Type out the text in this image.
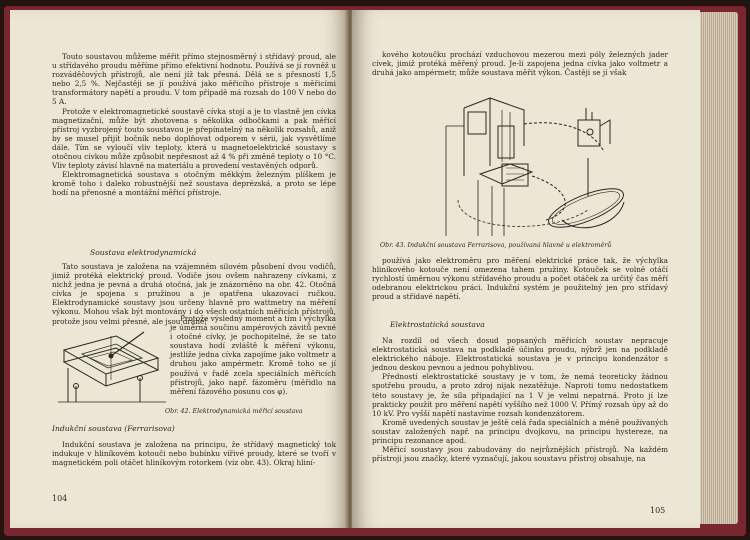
Touto soustavou můžeme měřit přímo stejnosměrný i střídavý proud, ale u střídavého proudu měříme přímo efektivní hodnotu. Používá se jí rovněž u rozváděčových přístrojů, ale není jíž tak přesná. Dělá se s přesností 1,5 nebo 2,5 %. Nejčastěji se jí používá jako měřicího přístroje s měřicími transformátory napětí a proudu. V tom případě má rozsah do 100 V nebo do 5 A.

Protože v elektromagnetické soustavě cívka stojí a je to vlastně jen cívka magnetizační, může být zhotovena s několika odbočkami a pak měřicí přístroj vyzbrojený touto soustavou je přepínatelný na několik rozsahů, aniž by se musel přijít bočník nebo doplňovat odporem v sérii, jak vysvětlíme dále. Tím se vyloučí vliv teploty, která u magnetoelektrické soustavy s otočnou cívkou může způsobit nepřesnost až 4 % při změně teploty o 10 °C. Vliv teploty závisí hlavně na materiálu a provedení vestavěných odporů.

Elektromagnetická soustava s otočným měkkým železným plíškem je kromě toho i daleko robustnější než soustava deprézská, a proto se lépe hodí na přenosné a montážní měřicí přístroje.

Soustava elektrodynamická
Tato soustava je založena na vzájemném silovém působení dvou vodičů, jimiž protéká elektrický proud. Vodiče jsou ovšem nahrazeny cívkami, z nichž jedna je pevná a druhá otočná, jak je znázorněno na obr. 42. Otočná cívka je spojena s pružinou a je opatřena ukazovací ručkou. Elektrodynamické soustavy jsou určeny hlavně pro wattmetry na měření výkonu. Mohou však být montovány i do všech ostatních měřicích přístrojů, protože jsou velmi přesné, ale jsou drahé!
Protože výsledný moment a tím i výchylka je úměrná součinu ampérových závitů pevné i otočné cívky, je pochopitelné, že se tato soustava hodí zvláště k měření výkonu, jestliže jedna cívka zapojíme jako voltmetr a druhou jako ampérmetr. Kromě toho se jí používá v řadě zcela speciálních měřicích přístrojů, jako např. fázoměru (měřidlo na měření fázového posunu cos φ).
Obr. 42. Elektrodynamická měřicí soustava
Indukční soustava (Ferrarisova)
Indukční soustava je založena na principu, že střídavý magnetický tok indukuje v hliníkovém kotouči nebo bubínku vířivé proudy, které se tvoří v magnetickém poli otáčet hliníkovým rotorkem (viz obr. 43). Okraj hliní-
104
kového kotoučku prochází vzduchovou mezerou mezi póly železných jader cívek, jimiž protéká měřený proud. Je-li zapojena jedna cívka jako voltmetr a druhá jako ampérmetr, může soustava měřit výkon. Častěji se jí však
Obr. 43. Indukční soustava Ferrarisova, používaná hlavně u elektroměrů
používá jako elektroměru pro měření elektrické práce tak, že výchylka hliníkového kotouče není omezena tahem pružiny. Kotouček se volně otáčí rychlostí úměrnou výkonu střídavého proudu a počet otáček za určitý čas měří odebranou elektrickou práci. Indukční systém je použitelný jen pro střídavý proud a střídavé napětí.
Elektrostatická soustava

Na rozdíl od všech dosud popsaných měřicích soustav nepracuje elektrostatická soustava na podkladě účinku proudu, nýbrž jen na podkladě elektrického náboje. Elektrostatická soustava je v principu kondenzátor s jednou deskou pevnou a jednou pohyblivou.

Předností elektrostatické soustavy je v tom, že nemá teoreticky žádnou spotřebu proudu, a proto zdroj nijak nezatěžuje. Naproti tomu nedostatkem této soustavy je, že síla připadající na 1 V je velmi nepatrná. Proto jí lze prakticky použít pro měření napětí vyššího než 1000 V. Přímý rozsah úpy až do 10 kV. Pro vyšší napětí nastavíme rozsah kondenzátorem.

Kromě uvedených soustav je ještě celá řada speciálních a méně používaných soustav založených např. na principu dvojkovu, na principu hystereze, na principu rezonance apod.

Měřicí soustavy jsou zabudovány do nejrůznějších přístrojů. Na každém přístroji jsou značky, které vyznačují, jakou soustavu přístroj obsahuje, na

105
